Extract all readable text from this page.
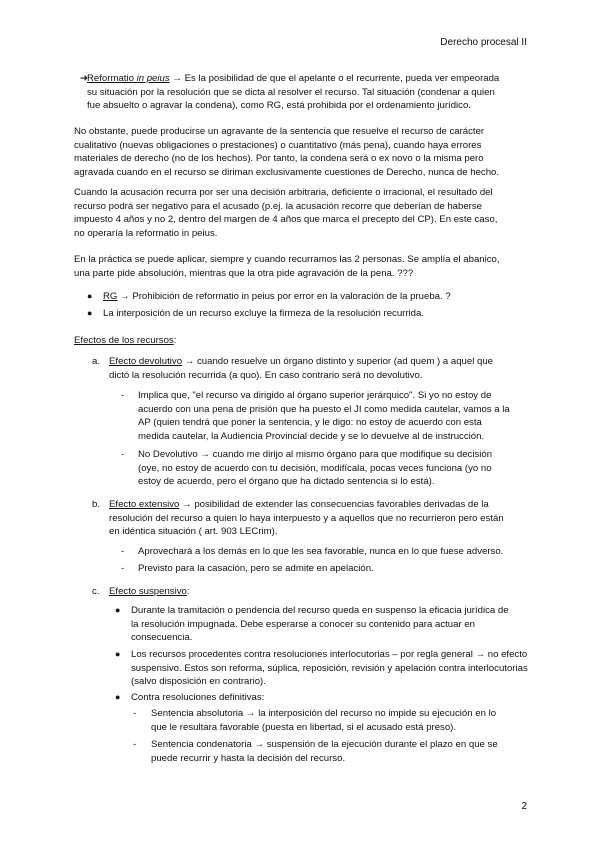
Derecho procesal II
➔
Reformatio in peius → Es la posibilidad de que el apelante o el recurrente, pueda ver empeorada
su situación por la resolución que se dicta al resolver el recurso. Tal situación (condenar a quien
fue absuelto o agravar la condena), como RG, está prohibida por el ordenamiento jurídico.

No obstante, puede producirse un agravante de la sentencia que resuelve el recurso de carácter

cualitativo (nuevas obligaciones o prestaciones) o cuantitativo (más pena), cuando haya errores

materiales de derecho (no de los hechos). Por tanto, la condena será o ex novo o la misma pero

agravada cuando en el recurso se diriman exclusivamente cuestiones de Derecho, nunca de hecho.

Cuando la acusación recurra por ser una decisión arbitraria, deficiente o irracional, el resultado del

recurso podrá ser negativo para el acusado (p.ej. la acusación recorre que deberían de haberse

impuesto 4 años y no 2, dentro del margen de 4 años que marca el precepto del CP). En este caso,

no operaría la reformatio in peius.

En la práctica se puede aplicar, siempre y cuando recurramos las 2 personas. Se amplía el abanico,

una parte pide absolución, mientras que la otra pide agravación de la pena. ???

● RG → Prohibición de reformatio in peius por error en la valoración de la prueba. ?
● La interposición de un recurso excluye la firmeza de la resolución recurrida.
Efectos de los recursos:
a. Efecto devolutivo → cuando resuelve un órgano distinto y superior (ad quem ) a aquel que
dictó la resolución recurrida (a quo). En caso contrario será no devolutivo.
- Implica que, "el recurso va dirigido al órgano superior jerárquico". Si yo no estoy de
acuerdo con una pena de prisión que ha puesto el JI como medida cautelar, vamos a la
AP (quien tendrá que poner la sentencia, y le digo: no estoy de acuerdo con esta
medida cautelar, la Audiencia Provincial decide y se lo devuelve al de instrucción.
- No Devolutivo → cuando me dirijo al mismo órgano para que modifique su decisión
(oye, no estoy de acuerdo con tu decisión, modifícala, pocas veces funciona (yo no
estoy de acuerdo, pero el órgano que ha dictado sentencia si lo está).
b. Efecto extensivo → posibilidad de extender las consecuencias favorables derivadas de la
resolución del recurso a quien lo haya interpuesto y a aquellos que no recurrieron pero están
en idéntica situación ( art. 903 LECrim).
- Aprovechará a los demás en lo que les sea favorable, nunca en lo que fuese adverso.
- Previsto para la casación, pero se admite en apelación.
c. Efecto suspensivo:
● Durante la tramitación o pendencia del recurso queda en suspenso la eficacia jurídica de
la resolución impugnada. Debe esperarse a conocer su contenido para actuar en
consecuencia.
● Los recursos procedentes contra resoluciones interlocutorias – por regla general → no efecto
suspensivo. Estos son reforma, súplica, reposición, revisión y apelación contra interlocutorias
(salvo disposición en contrario).
● Contra resoluciones definitivas:
- Sentencia absolutoria → la interposición del recurso no impide su ejecución en lo
que le resultara favorable (puesta en libertad, si el acusado está preso).
- Sentencia condenatoria → suspensión de la ejecución durante el plazo en que se
puede recurrir y hasta la decisión del recurso.
2
